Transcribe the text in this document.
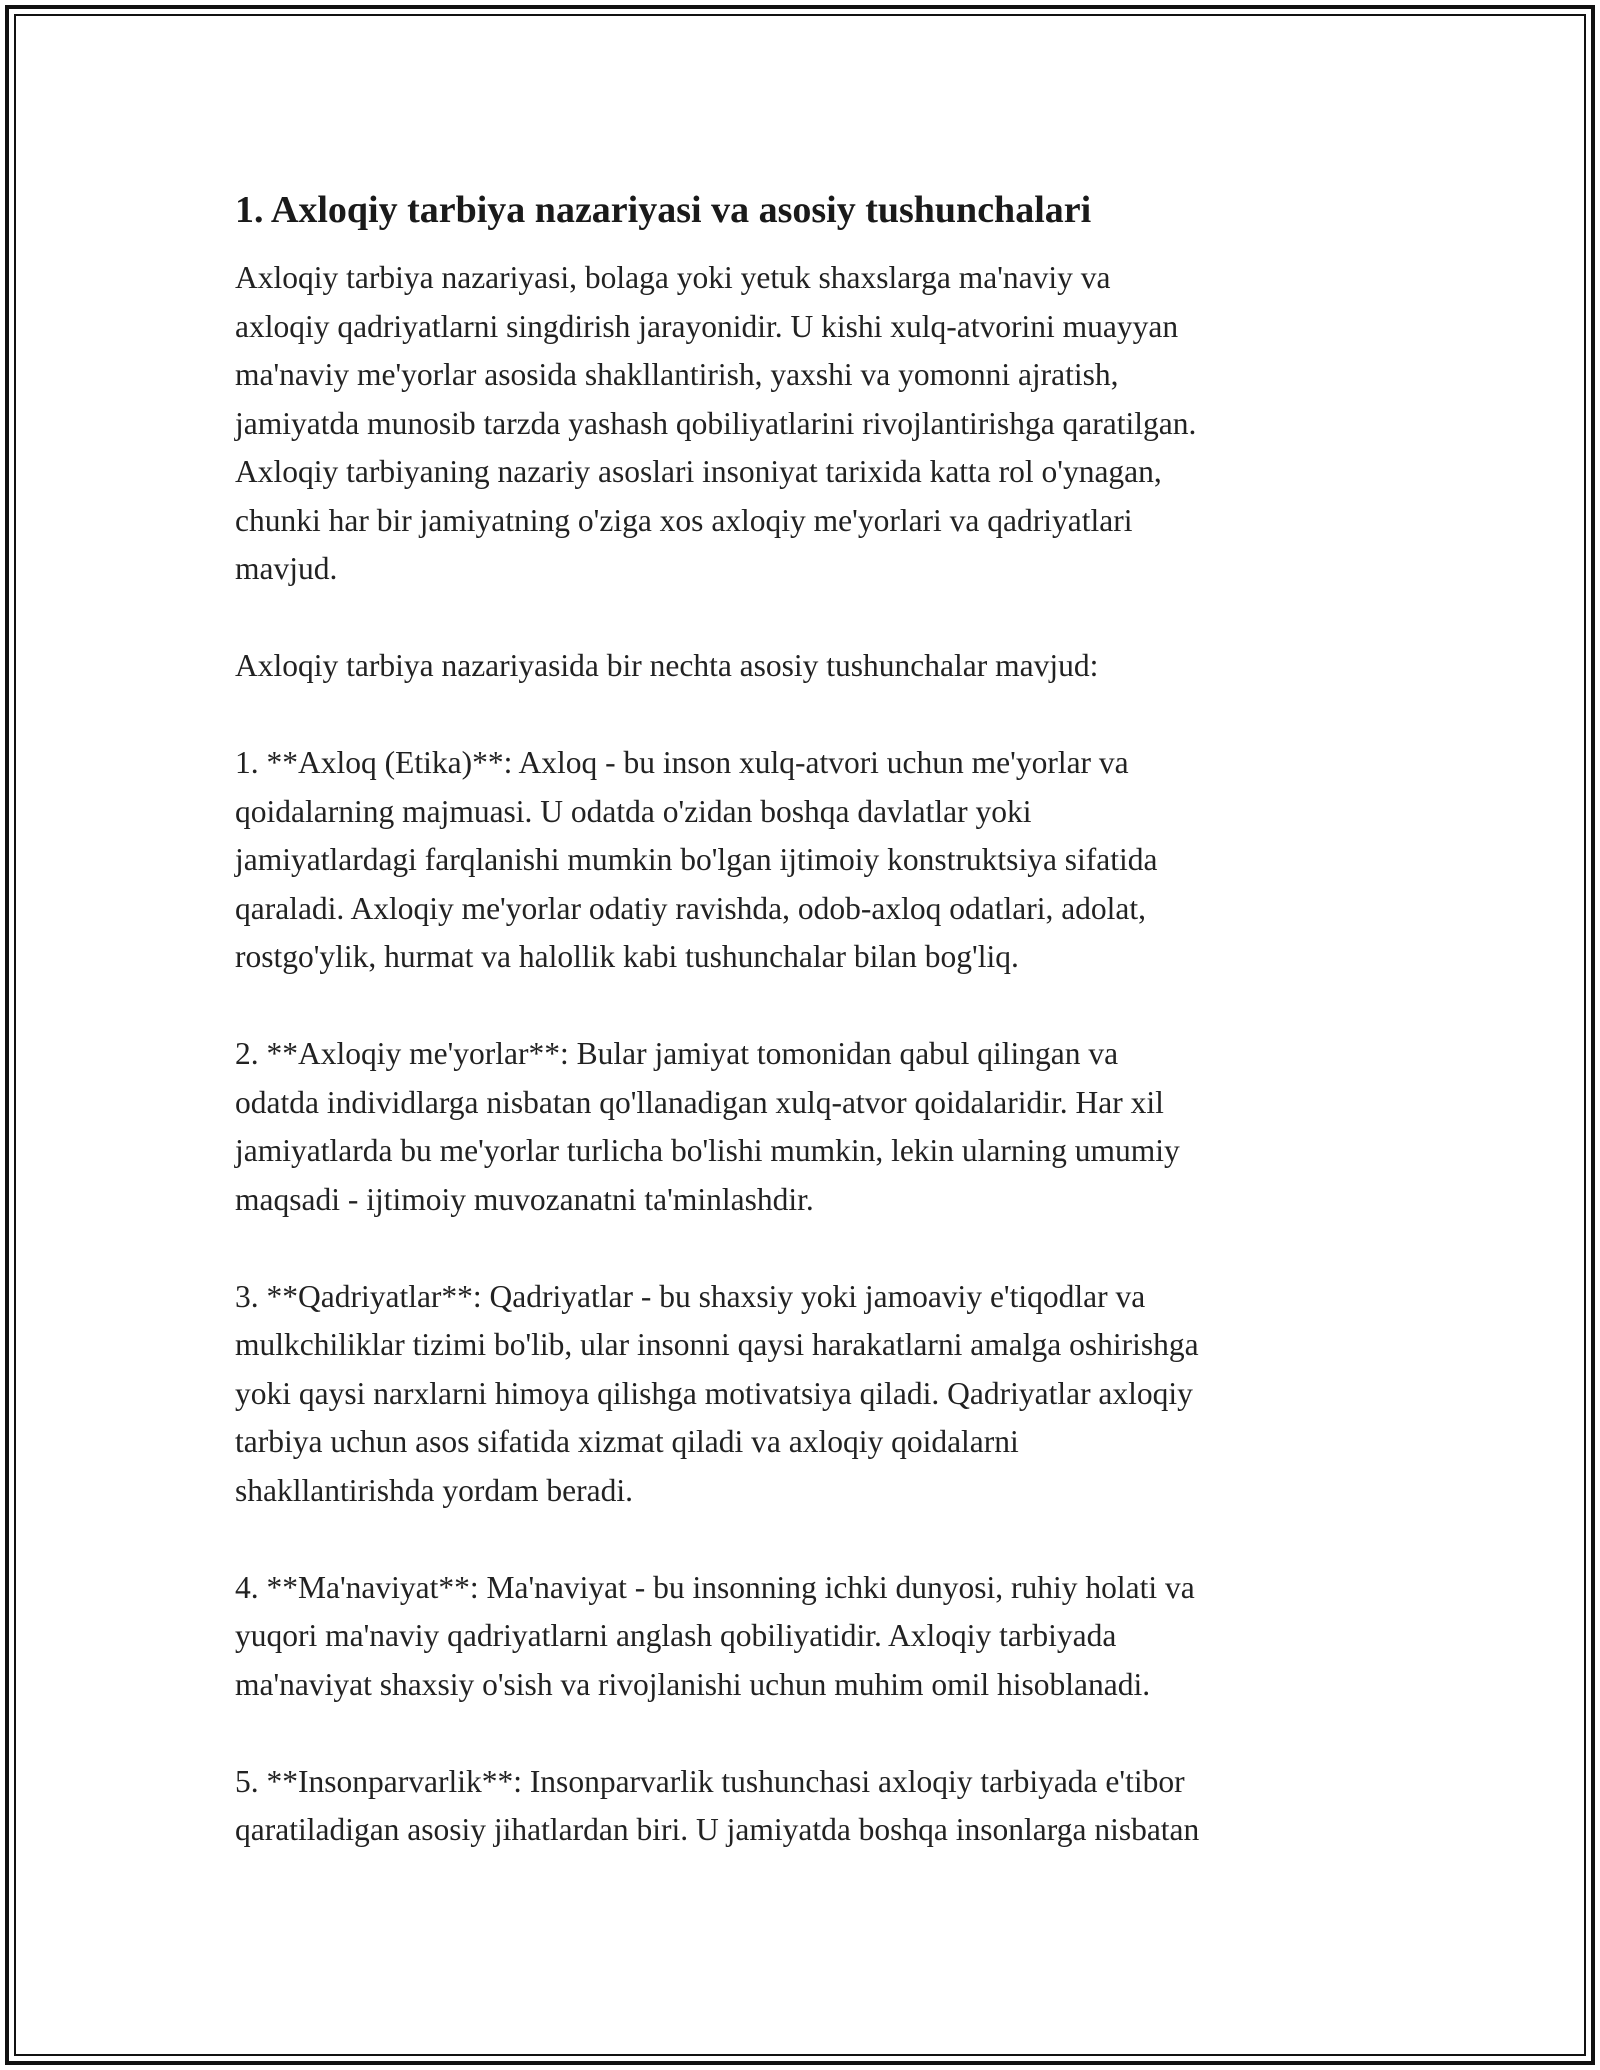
1. Axloqiy tarbiya nazariyasi va asosiy tushunchalari

Axloqiy tarbiya nazariyasi, bolaga yoki yetuk shaxslarga ma'naviy va
axloqiy qadriyatlarni singdirish jarayonidir. U kishi xulq-atvorini muayyan
ma'naviy me'yorlar asosida shakllantirish, yaxshi va yomonni ajratish,
jamiyatda munosib tarzda yashash qobiliyatlarini rivojlantirishga qaratilgan.
Axloqiy tarbiyaning nazariy asoslari insoniyat tarixida katta rol o'ynagan,
chunki har bir jamiyatning o'ziga xos axloqiy me'yorlari va qadriyatlari
mavjud.

Axloqiy tarbiya nazariyasida bir nechta asosiy tushunchalar mavjud:

1. **Axloq (Etika)**: Axloq - bu inson xulq-atvori uchun me'yorlar va
qoidalarning majmuasi. U odatda o'zidan boshqa davlatlar yoki
jamiyatlardagi farqlanishi mumkin bo'lgan ijtimoiy konstruktsiya sifatida
qaraladi. Axloqiy me'yorlar odatiy ravishda, odob-axloq odatlari, adolat,
rostgo'ylik, hurmat va halollik kabi tushunchalar bilan bog'liq.

2. **Axloqiy me'yorlar**: Bular jamiyat tomonidan qabul qilingan va
odatda individlarga nisbatan qo'llanadigan xulq-atvor qoidalaridir. Har xil
jamiyatlarda bu me'yorlar turlicha bo'lishi mumkin, lekin ularning umumiy
maqsadi - ijtimoiy muvozanatni ta'minlashdir.

3. **Qadriyatlar**: Qadriyatlar - bu shaxsiy yoki jamoaviy e'tiqodlar va
mulkchiliklar tizimi bo'lib, ular insonni qaysi harakatlarni amalga oshirishga
yoki qaysi narxlarni himoya qilishga motivatsiya qiladi. Qadriyatlar axloqiy
tarbiya uchun asos sifatida xizmat qiladi va axloqiy qoidalarni
shakllantirishda yordam beradi.

4. **Ma'naviyat**: Ma'naviyat - bu insonning ichki dunyosi, ruhiy holati va
yuqori ma'naviy qadriyatlarni anglash qobiliyatidir. Axloqiy tarbiyada
ma'naviyat shaxsiy o'sish va rivojlanishi uchun muhim omil hisoblanadi.

5. **Insonparvarlik**: Insonparvarlik tushunchasi axloqiy tarbiyada e'tibor
qaratiladigan asosiy jihatlardan biri. U jamiyatda boshqa insonlarga nisbatan
